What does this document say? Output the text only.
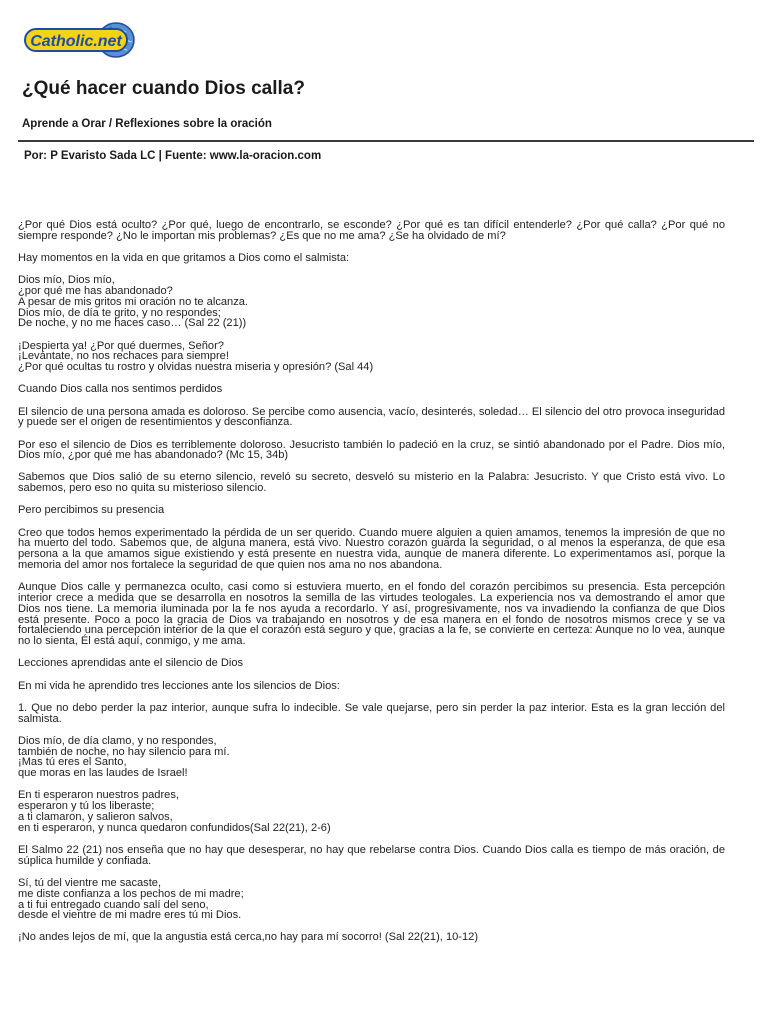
Catholic.net
¿Qué hacer cuando Dios calla?
Aprende a Orar / Reflexiones sobre la oración
Por: P Evaristo Sada LC | Fuente: www.la-oracion.com

¿Por qué Dios está oculto? ¿Por qué, luego de encontrarlo, se esconde? ¿Por qué es tan difícil entenderle? ¿Por qué calla? ¿Por qué no siempre responde? ¿No le importan mis problemas? ¿Es que no me ama? ¿Se ha olvidado de mí?

Hay momentos en la vida en que gritamos a Dios como el salmista:

Dios mío, Dios mío,
¿por qué me has abandonado?
A pesar de mis gritos mi oración no te alcanza.
Dios mío, de día te grito, y no respondes;
De noche, y no me haces caso… (Sal 22 (21))

¡Despierta ya! ¿Por qué duermes, Señor?
¡Levántate, no nos rechaces para siempre!
¿Por qué ocultas tu rostro y olvidas nuestra miseria y opresión? (Sal 44)

Cuando Dios calla nos sentimos perdidos

El silencio de una persona amada es doloroso. Se percibe como ausencia, vacío, desinterés, soledad… El silencio del otro provoca inseguridad y puede ser el origen de resentimientos y desconfianza.

Por eso el silencio de Dios es terriblemente doloroso. Jesucristo también lo padeció en la cruz, se sintió abandonado por el Padre. Dios mío, Dios mío, ¿por qué me has abandonado? (Mc 15, 34b)

Sabemos que Dios salió de su eterno silencio, reveló su secreto, desveló su misterio en la Palabra: Jesucristo. Y que Cristo está vivo. Lo sabemos, pero eso no quita su misterioso silencio.

Pero percibimos su presencia

Creo que todos hemos experimentado la pérdida de un ser querido. Cuando muere alguien a quien amamos, tenemos la impresión de que no ha muerto del todo. Sabemos que, de alguna manera, está vivo. Nuestro corazón guarda la seguridad, o al menos la esperanza, de que esa persona a la que amamos sigue existiendo y está presente en nuestra vida, aunque de manera diferente. Lo experimentamos así, porque la memoria del amor nos fortalece la seguridad de que quien nos ama no nos abandona.

Aunque Dios calle y permanezca oculto, casi como si estuviera muerto, en el fondo del corazón percibimos su presencia. Esta percepción interior crece a medida que se desarrolla en nosotros la semilla de las virtudes teologales. La experiencia nos va demostrando el amor que Dios nos tiene. La memoria iluminada por la fe nos ayuda a recordarlo. Y así, progresivamente, nos va invadiendo la confianza de que Dios está presente. Poco a poco la gracia de Dios va trabajando en nosotros y de esa manera en el fondo de nosotros mismos crece y se va fortaleciendo una percepción interior de la que el corazón está seguro y que, gracias a la fe, se convierte en certeza: Aunque no lo vea, aunque no lo sienta, Él está aquí, conmigo, y me ama.

Lecciones aprendidas ante el silencio de Dios

En mi vida he aprendido tres lecciones ante los silencios de Dios:

1. Que no debo perder la paz interior, aunque sufra lo indecible. Se vale quejarse, pero sin perder la paz interior. Esta es la gran lección del salmista.

Dios mío, de día clamo, y no respondes,
también de noche, no hay silencio para mí.
¡Mas tú eres el Santo,
que moras en las laudes de Israel!

En ti esperaron nuestros padres,
esperaron y tú los liberaste;
a ti clamaron, y salieron salvos,
en ti esperaron, y nunca quedaron confundidos(Sal 22(21), 2-6)

El Salmo 22 (21) nos enseña que no hay que desesperar, no hay que rebelarse contra Dios. Cuando Dios calla es tiempo de más oración, de súplica humilde y confiada.

Sí, tú del vientre me sacaste,
me diste confianza a los pechos de mi madre;
a ti fui entregado cuando salí del seno,
desde el vientre de mi madre eres tú mi Dios.

¡No andes lejos de mí, que la angustia está cerca,no hay para mí socorro! (Sal 22(21), 10-12)
